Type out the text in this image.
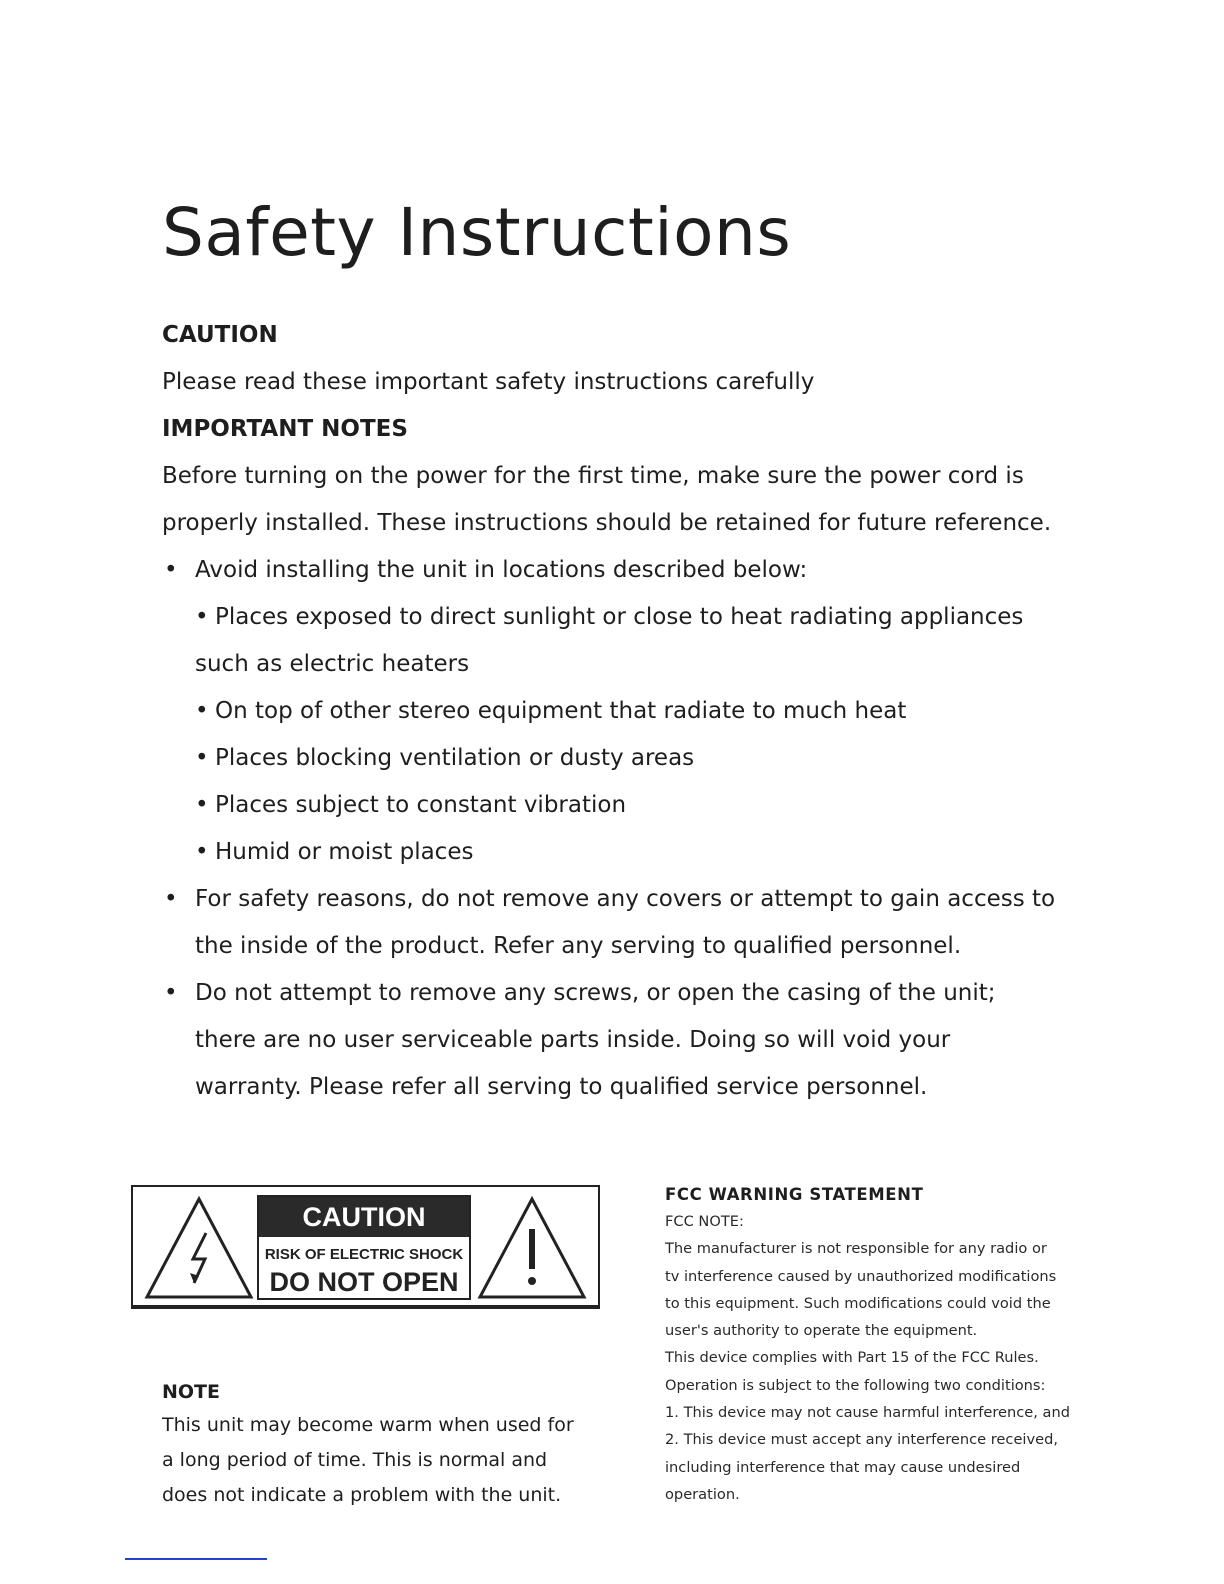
Safety Instructions
CAUTION
Please read these important safety instructions carefully
IMPORTANT NOTES
Before turning on the power for the first time, make sure the power cord is
properly installed. These instructions should be retained for future reference.
• Avoid installing the unit in locations described below:
• Places exposed to direct sunlight or close to heat radiating appliances
such as electric heaters
• On top of other stereo equipment that radiate to much heat
• Places blocking ventilation or dusty areas
• Places subject to constant vibration
• Humid or moist places
• For safety reasons, do not remove any covers or attempt to gain access to
the inside of the product. Refer any serving to qualified personnel.
• Do not attempt to remove any screws, or open the casing of the unit;
there are no user serviceable parts inside. Doing so will void your
warranty. Please refer all serving to qualified service personnel.
CAUTION
RISK OF ELECTRIC SHOCK
DO NOT OPEN
NOTE
This unit may become warm when used for
a long period of time. This is normal and
does not indicate a problem with the unit.
FCC WARNING STATEMENT
FCC NOTE:
The manufacturer is not responsible for any radio or
tv interference caused by unauthorized modifications
to this equipment. Such modifications could void the
user's authority to operate the equipment.
This device complies with Part 15 of the FCC Rules.
Operation is subject to the following two conditions:
1. This device may not cause harmful interference, and
2. This device must accept any interference received,
including interference that may cause undesired
operation.
